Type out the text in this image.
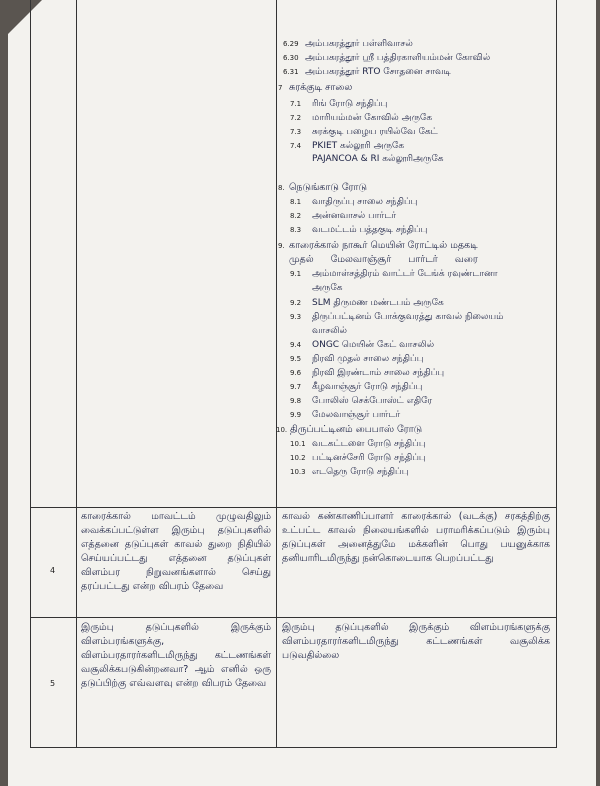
6.29 அம்பகரத்தூர் பள்ளிவாசல்
6.30 அம்பகரத்தூர் ஸ்ரீ பத்திரகாளியம்மன் கோவில்
6.31 அம்பகரத்தூர் RTO சோதனை சாவடி
7 சுரக்குடி சாலை
7.1 ரிங் ரோடு சந்திப்பு
7.2 மாரியம்மன் கோவில் அருகே
7.3 சுரக்குடி பழைய ரயில்வே கேட்
7.4 PKIET கல்லூரி அருகே
PAJANCOA & RI கல்லூரிஅருகே
8. நெடுங்காடு ரோடு
8.1 வாதிருப்பு சாலை சந்திப்பு
8.2 அன்னவாசல் பார்டர்
8.3 வடமட்டம் பத்தகுடி சந்திப்பு
9. காரைக்கால் நாகூர் மெயின் ரோட்டில் மதகடி
முதல் மேலவாஞ்சூர் பார்டர் வரை
9.1 அம்மாள்சத்திரம் வாட்டர் டேங்க் ரவுண்டானா
அருகே
9.2 SLM திருமண மண்டபம் அருகே
9.3 திருப்பட்டினம் போக்குவரத்து காவல் நிலையம்
வாசலில்
9.4 ONGC மெயின் கேட் வாசலில்
9.5 நிரவி முதல் சாலை சந்திப்பு
9.6 நிரவி இரண்டாம் சாலை சந்திப்பு
9.7 கீழவாஞ்சூர் ரோடு சந்திப்பு
9.8 போலிஸ் செக்போஸ்ட் எதிரே
9.9 மேலவாஞ்சூர் பார்டர்
10. திருப்பட்டினம் பைபாஸ் ரோடு
10.1 வடகட்டளை ரோடு சந்திப்பு
10.2 பட்டினச்சேரி ரோடு சந்திப்பு
10.3 எடதெரு ரோடு சந்திப்பு
4
காரைக்கால் மாவட்டம் முழுவதிலும் வைக்கப்பட்டுள்ள இரும்பு தடுப்புகளில் எத்தனை தடுப்புகள் காவல் துறை நிதியில் செய்யப்பட்டது எத்தனை தடுப்புகள் விளம்பர நிறுவனங்களால் செய்து தரப்பட்டது என்ற விபரம் தேவை
காவல் கண்காணிப்பாளர் காரைக்கால் (வடக்கு) சரகத்திற்கு உட்பட்ட காவல் நிலையங்களில் பராமரிக்கப்படும் இரும்பு தடுப்புகள் அனைத்துமே மக்களின் பொது பயனுக்காக தனியாரிடமிருந்து நன்கொடையாக பெறப்பட்டது
5
இரும்பு தடுப்புகளில் இருக்கும் விளம்பரங்களுக்கு, விளம்பரதாரர்களிடமிருந்து கட்டணங்கள் வசூலிக்கபடுகின்றனவா? ஆம் எனில் ஒரு தடுப்பிற்கு எவ்வளவு என்ற விபரம் தேவை
இரும்பு தடுப்புகளில் இருக்கும் விளம்பரங்களுக்கு விளம்பரதாரர்களிடமிருந்து கட்டணங்கள் வசூலிக்க படுவதில்லை
